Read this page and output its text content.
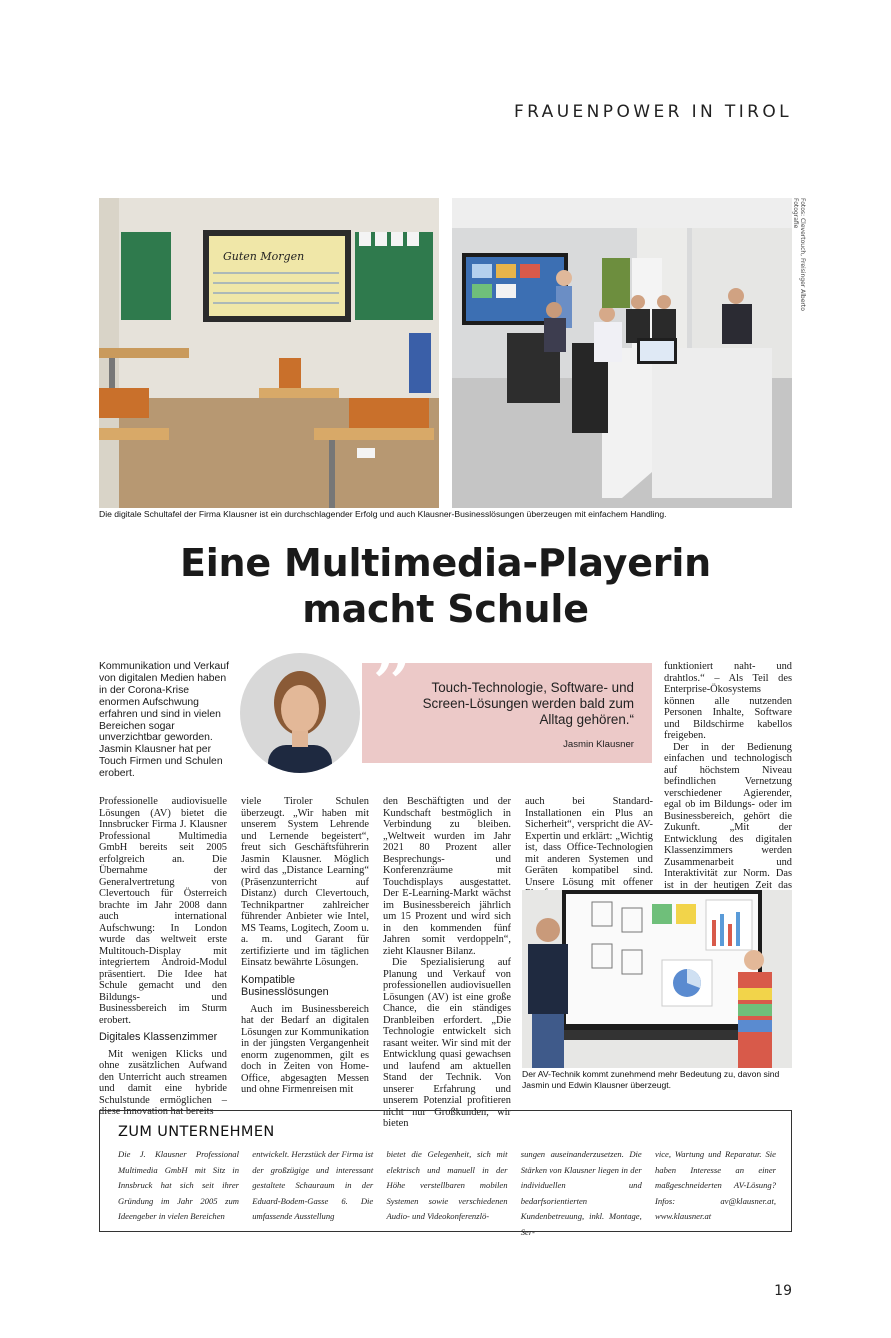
FRAUENPOWER IN TIROL
Guten Morgen	Fotos: Clevertouch, Freisinger Alberto Fotografie
Die digitale Schultafel der Firma Klausner ist ein durchschlagender Erfolg und auch Klausner-Businesslösungen überzeugen mit einfachem Handling.
Eine Multimedia-Playerin
macht Schule
Kommunikation und Verkauf von digitalen Medien haben in der Corona-Krise enormen Aufschwung erfahren und sind in vielen Bereichen sogar unverzichtbar geworden. Jasmin Klausner hat per Touch Firmen und Schulen erobert.
”	Touch-Technologie, Software- und Screen-Lösungen werden bald zum Alltag gehören.“
Jasmin Klausner

Professionelle audiovisuelle Lösungen (AV) bietet die Innsbrucker Firma J. Klausner Professional Multimedia GmbH bereits seit 2005 erfolgreich an. Die Übernahme der Generalvertretung von Clevertouch für Österreich brachte im Jahr 2008 dann auch international Aufschwung: In London wurde das weltweit erste Multitouch-Display mit integriertem Android-Modul präsentiert. Die Idee hat Schule gemacht und den Bildungs- und Businessbereich im Sturm erobert.

Digitales Klassenzimmer

Mit wenigen Klicks und ohne zusätzlichen Aufwand den Unterricht auch streamen und damit eine hybride Schulstunde ermöglichen – diese Innovation hat bereits

viele Tiroler Schulen überzeugt. „Wir haben mit unserem System Lehrende und Lernende begeistert“, freut sich Geschäftsführerin Jasmin Klausner. Möglich wird das „Distance Learning“ (Präsenzunterricht auf Distanz) durch Clevertouch, Technikpartner zahlreicher führender Anbieter wie Intel, MS Teams, Logitech, Zoom u. a. m. und Garant für zertifizierte und im täglichen Einsatz bewährte Lösungen.

Kompatible Businesslösungen

Auch im Businessbereich hat der Bedarf an digitalen Lösungen zur Kommunikation in der jüngsten Vergangenheit enorm zugenommen, gilt es doch in Zeiten von Home-Office, abgesagten Messen und ohne Firmenreisen mit

den Beschäftigten und der Kundschaft bestmöglich in Verbindung zu bleiben. „Weltweit wurden im Jahr 2021 80 Prozent aller Besprechungs- und Konferenzräume mit Touchdisplays ausgestattet. Der E-Learning-Markt wächst im Businessbereich jährlich um 15 Prozent und wird sich in den kommenden fünf Jahren somit verdoppeln“, zieht Klausner Bilanz.

Die Spezialisierung auf Planung und Verkauf von professionellen audiovisuellen Lösungen (AV) ist eine große Chance, die ein ständiges Dranbleiben erfordert. „Die Technologie entwickelt sich rasant weiter. Wir sind mit der Entwicklung quasi gewachsen und laufend am aktuellen Stand der Technik. Von unserer Erfahrung und unserem Potenzial profitieren nicht nur Großkunden, wir bieten

auch bei Standard-Installationen ein Plus an Sicherheit“, verspricht die AV-Expertin und erklärt: „Wichtig ist, dass Office-Technologien mit anderen Systemen und Geräten kompatibel sind. Unsere Lösung mit offener

funktioniert naht- und drahtlos.“ – Als Teil des Enterprise-Ökosystems können alle nutzenden Personen Inhalte, Software und Bildschirme kabellos freigeben.

Der in der Bedienung einfachen und technologisch auf höchstem Niveau befindlichen Vernetzung verschiedener Agierender, egal ob im Bildungs- oder im Businessbereich, gehört die Zukunft. „Mit der Entwicklung des digitalen Klassenzimmers werden Zusammenarbeit und Interaktivität zur Norm. Das ist in der heutigen Zeit das

Der AV-Technik kommt zunehmend mehr Bedeutung zu, davon sind Jasmin und Edwin Klausner überzeugt.
ZUM UNTERNEHMEN

Die J. Klausner Professional Multimedia GmbH mit Sitz in Innsbruck hat sich seit ihrer Gründung im Jahr 2005 zum Ideengeber in vielen Bereichen

entwickelt. Herzstück der Firma ist der großzügige und interessant gestaltete Schauraum in der Eduard-Bodem-Gasse 6. Die umfassende Ausstellung

bietet die Gelegenheit, sich mit elektrisch und manuell in der Höhe verstellbaren mobilen Systemen sowie verschiedenen Audio- und Videokonferenzlö-

sungen auseinanderzusetzen. Die Stärken von Klausner liegen in der individuellen und bedarfsorientierten Kundenbetreuung, inkl. Montage, Ser-

vice, Wartung und Reparatur. Sie haben Interesse an einer maßgeschneiderten AV-Lösung? Infos: av@klausner.at, www.klausner.at

19
